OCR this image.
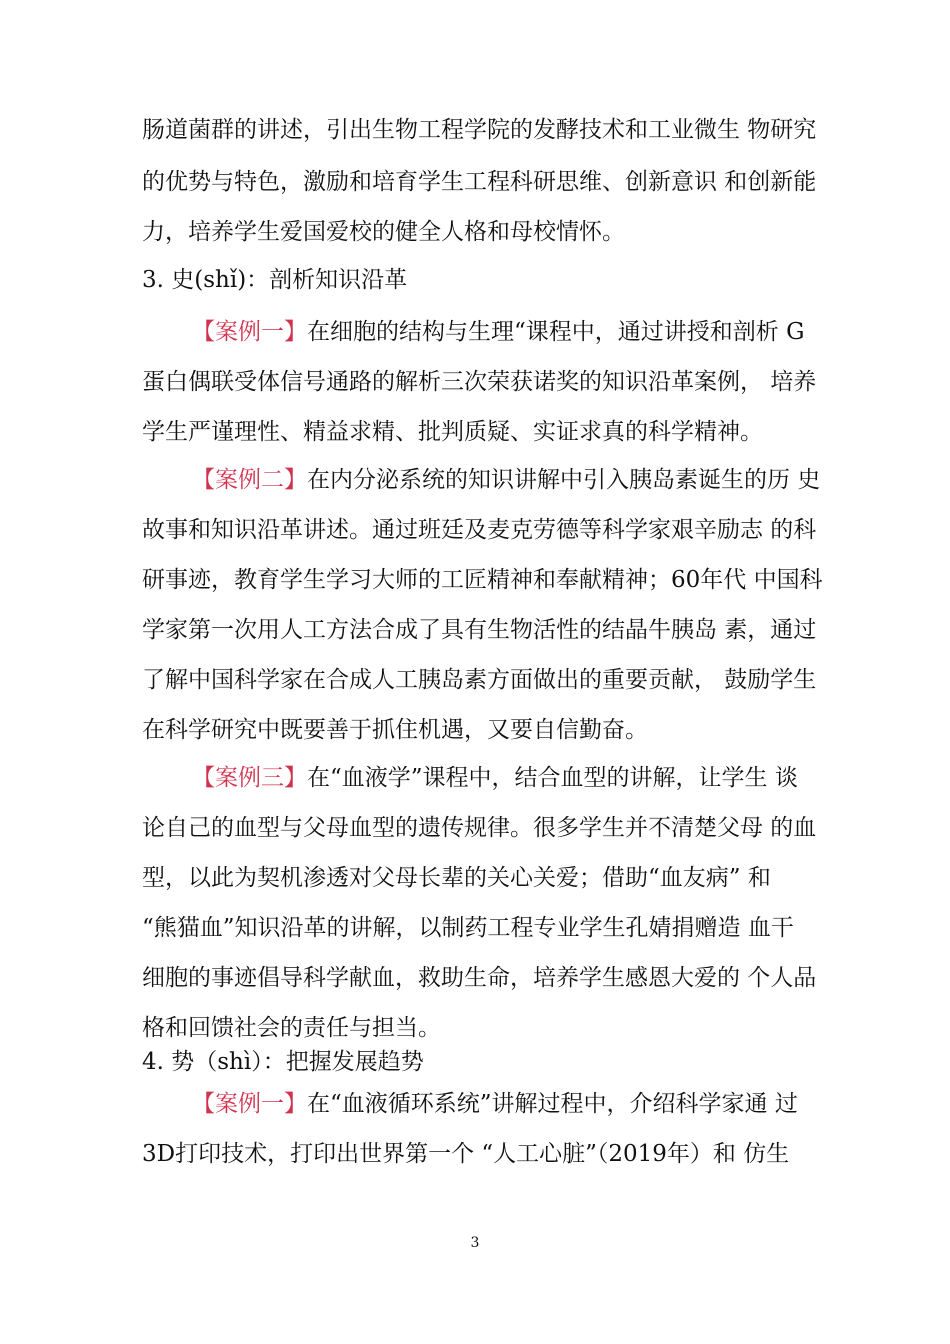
肠道菌群的讲述，引出生物工程学院的发酵技术和工业微生 物研究
的优势与特色，激励和培育学生工程科研思维、创新意识 和创新能
力，培养学生爱国爱校的健全人格和母校情怀。
3. 史(shǐ)：剖析知识沿革
【案例一】在细胞的结构与生理“课程中，通过讲授和剖析 G
蛋白偶联受体信号通路的解析三次荣获诺奖的知识沿革案例， 培养
学生严谨理性、精益求精、批判质疑、实证求真的科学精神。
【案例二】在内分泌系统的知识讲解中引入胰岛素诞生的历 史
故事和知识沿革讲述。通过班廷及麦克劳德等科学家艰辛励志 的科
研事迹，教育学生学习大师的工匠精神和奉献精神；60年代 中国科
学家第一次用人工方法合成了具有生物活性的结晶牛胰岛 素，通过
了解中国科学家在合成人工胰岛素方面做出的重要贡献， 鼓励学生
在科学研究中既要善于抓住机遇，又要自信勤奋。
【案例三】在“血液学”课程中，结合血型的讲解，让学生 谈
论自己的血型与父母血型的遗传规律。很多学生并不清楚父母 的血
型，以此为契机渗透对父母长辈的关心关爱；借助“血友病” 和
“熊猫血”知识沿革的讲解，以制药工程专业学生孔婧捐赠造 血干
细胞的事迹倡导科学献血，救助生命，培养学生感恩大爱的 个人品
格和回馈社会的责任与担当。
4. 势（shì）：把握发展趋势
【案例一】在“血液循环系统”讲解过程中，介绍科学家通 过
3D打印技术，打印出世界第一个 “人工心脏”（2019年）和 仿生
3
